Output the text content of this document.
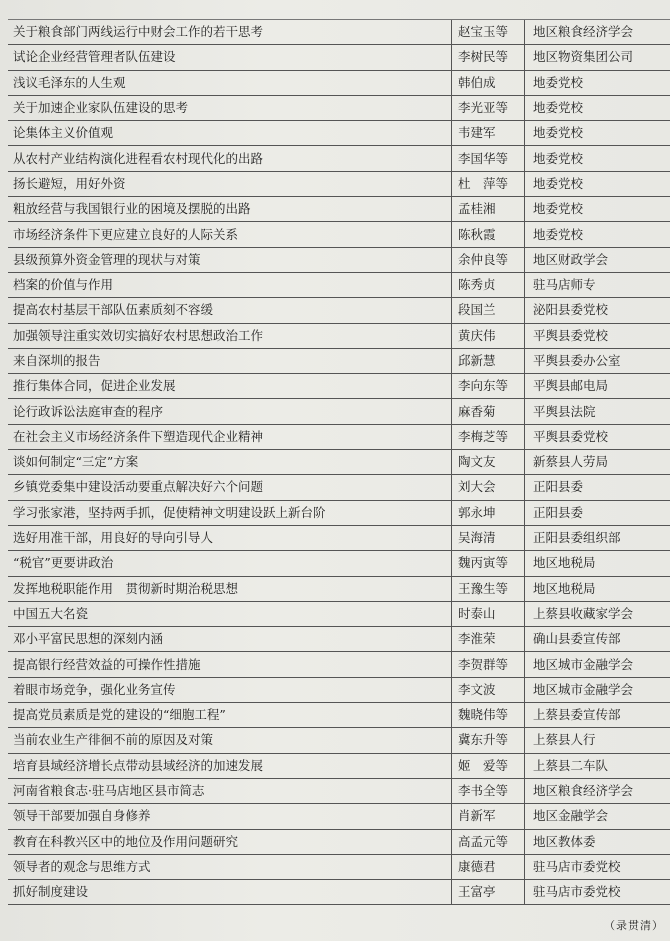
关于粮食部门两线运行中财会工作的若干思考	赵宝玉等	地区粮食经济学会
试论企业经营管理者队伍建设	李树民等	地区物资集团公司
浅议毛泽东的人生观	韩伯成	地委党校
关于加速企业家队伍建设的思考	李光亚等	地委党校
论集体主义价值观	韦建军	地委党校
从农村产业结构演化进程看农村现代化的出路	李国华等	地委党校
扬长避短，用好外资	杜　萍等	地委党校
粗放经营与我国银行业的困境及摆脱的出路	孟桂湘	地委党校
市场经济条件下更应建立良好的人际关系	陈秋霞	地委党校
县级预算外资金管理的现状与对策	余仲良等	地区财政学会
档案的价值与作用	陈秀贞	驻马店师专
提高农村基层干部队伍素质刻不容缓	段国兰	泌阳县委党校
加强领导注重实效切实搞好农村思想政治工作	黄庆伟	平舆县委党校
来自深圳的报告	邱新慧	平舆县委办公室
推行集体合同，促进企业发展	李向东等	平舆县邮电局
论行政诉讼法庭审查的程序	麻香菊	平舆县法院
在社会主义市场经济条件下塑造现代企业精神	李梅芝等	平舆县委党校
谈如何制定“三定”方案	陶文友	新蔡县人劳局
乡镇党委集中建设活动要重点解决好六个问题	刘大会	正阳县委
学习张家港，坚持两手抓，促使精神文明建设跃上新台阶	郭永坤	正阳县委
选好用准干部，用良好的导向引导人	吴海清	正阳县委组织部
“税官”更要讲政治	魏丙寅等	地区地税局
发挥地税职能作用　贯彻新时期治税思想	王豫生等	地区地税局
中国五大名瓷	时泰山	上蔡县收藏家学会
邓小平富民思想的深刻内涵	李淮荣	确山县委宣传部
提高银行经营效益的可操作性措施	李贺群等	地区城市金融学会
着眼市场竞争，强化业务宣传	李文波	地区城市金融学会
提高党员素质是党的建设的“细胞工程”	魏晓伟等	上蔡县委宣传部
当前农业生产徘徊不前的原因及对策	冀东升等	上蔡县人行
培育县域经济增长点带动县域经济的加速发展	姬　爱等	上蔡县二车队
河南省粮食志·驻马店地区县市简志	李书全等	地区粮食经济学会
领导干部要加强自身修养	肖新军	地区金融学会
教育在科教兴区中的地位及作用问题研究	高孟元等	地区教体委
领导者的观念与思维方式	康德君	驻马店市委党校
抓好制度建设	王富亭	驻马店市委党校
（录贯清）
